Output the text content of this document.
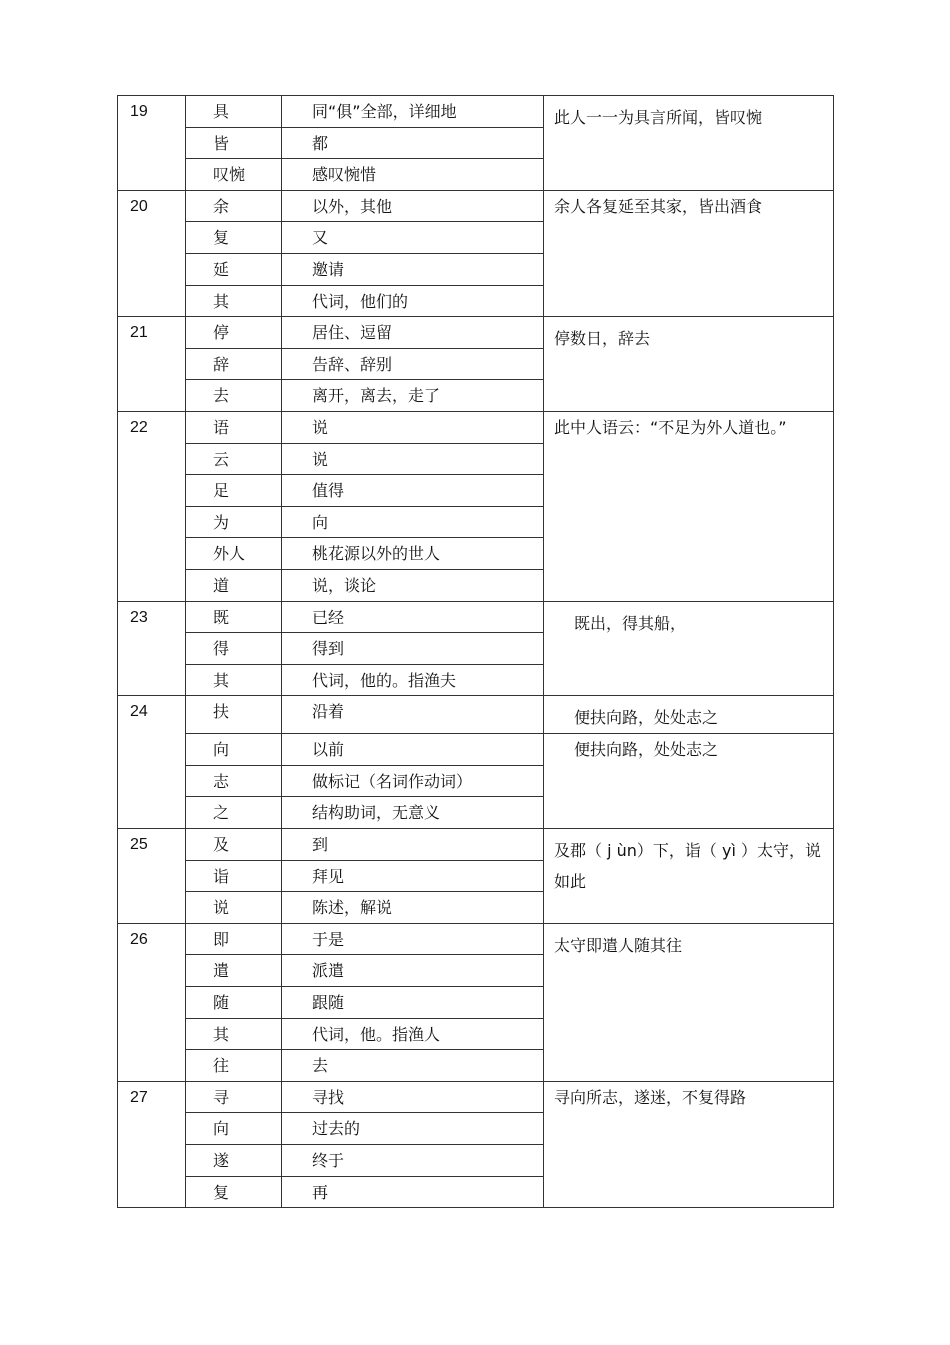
19	具	同“俱”全部，详细地	此人一一为具言所闻，皆叹惋
	皆	都	
	叹惋	感叹惋惜	
20	余	以外，其他	余人各复延至其家，皆出酒食
	复	又	
	延	邀请	
	其	代词，他们的	
21	停	居住、逗留	停数日，辞去
	辞	告辞、辞别	
	去	离开，离去，走了	
22	语	说	此中人语云：“不足为外人道也。”
	云	说	
	足	值得	
	为	向	
	外人	桃花源以外的世人	
	道	说，谈论	
23	既	已经	既出，得其船，
	得	得到	
	其	代词，他的。指渔夫	
24	扶	沿着	便扶向路，处处志之
	向	以前	便扶向路，处处志之
	志	做标记（名词作动词）	
	之	结构助词，无意义	
25	及	到	及郡（ j ùn）下，诣（ yì ）太守，说如此
	诣	拜见	
	说	陈述，解说	
26	即	于是	太守即遣人随其往
	遣	派遣	
	随	跟随	
	其	代词，他。指渔人	
	往	去	
27	寻	寻找	寻向所志，遂迷，不复得路
	向	过去的	
	遂	终于	
	复	再	
